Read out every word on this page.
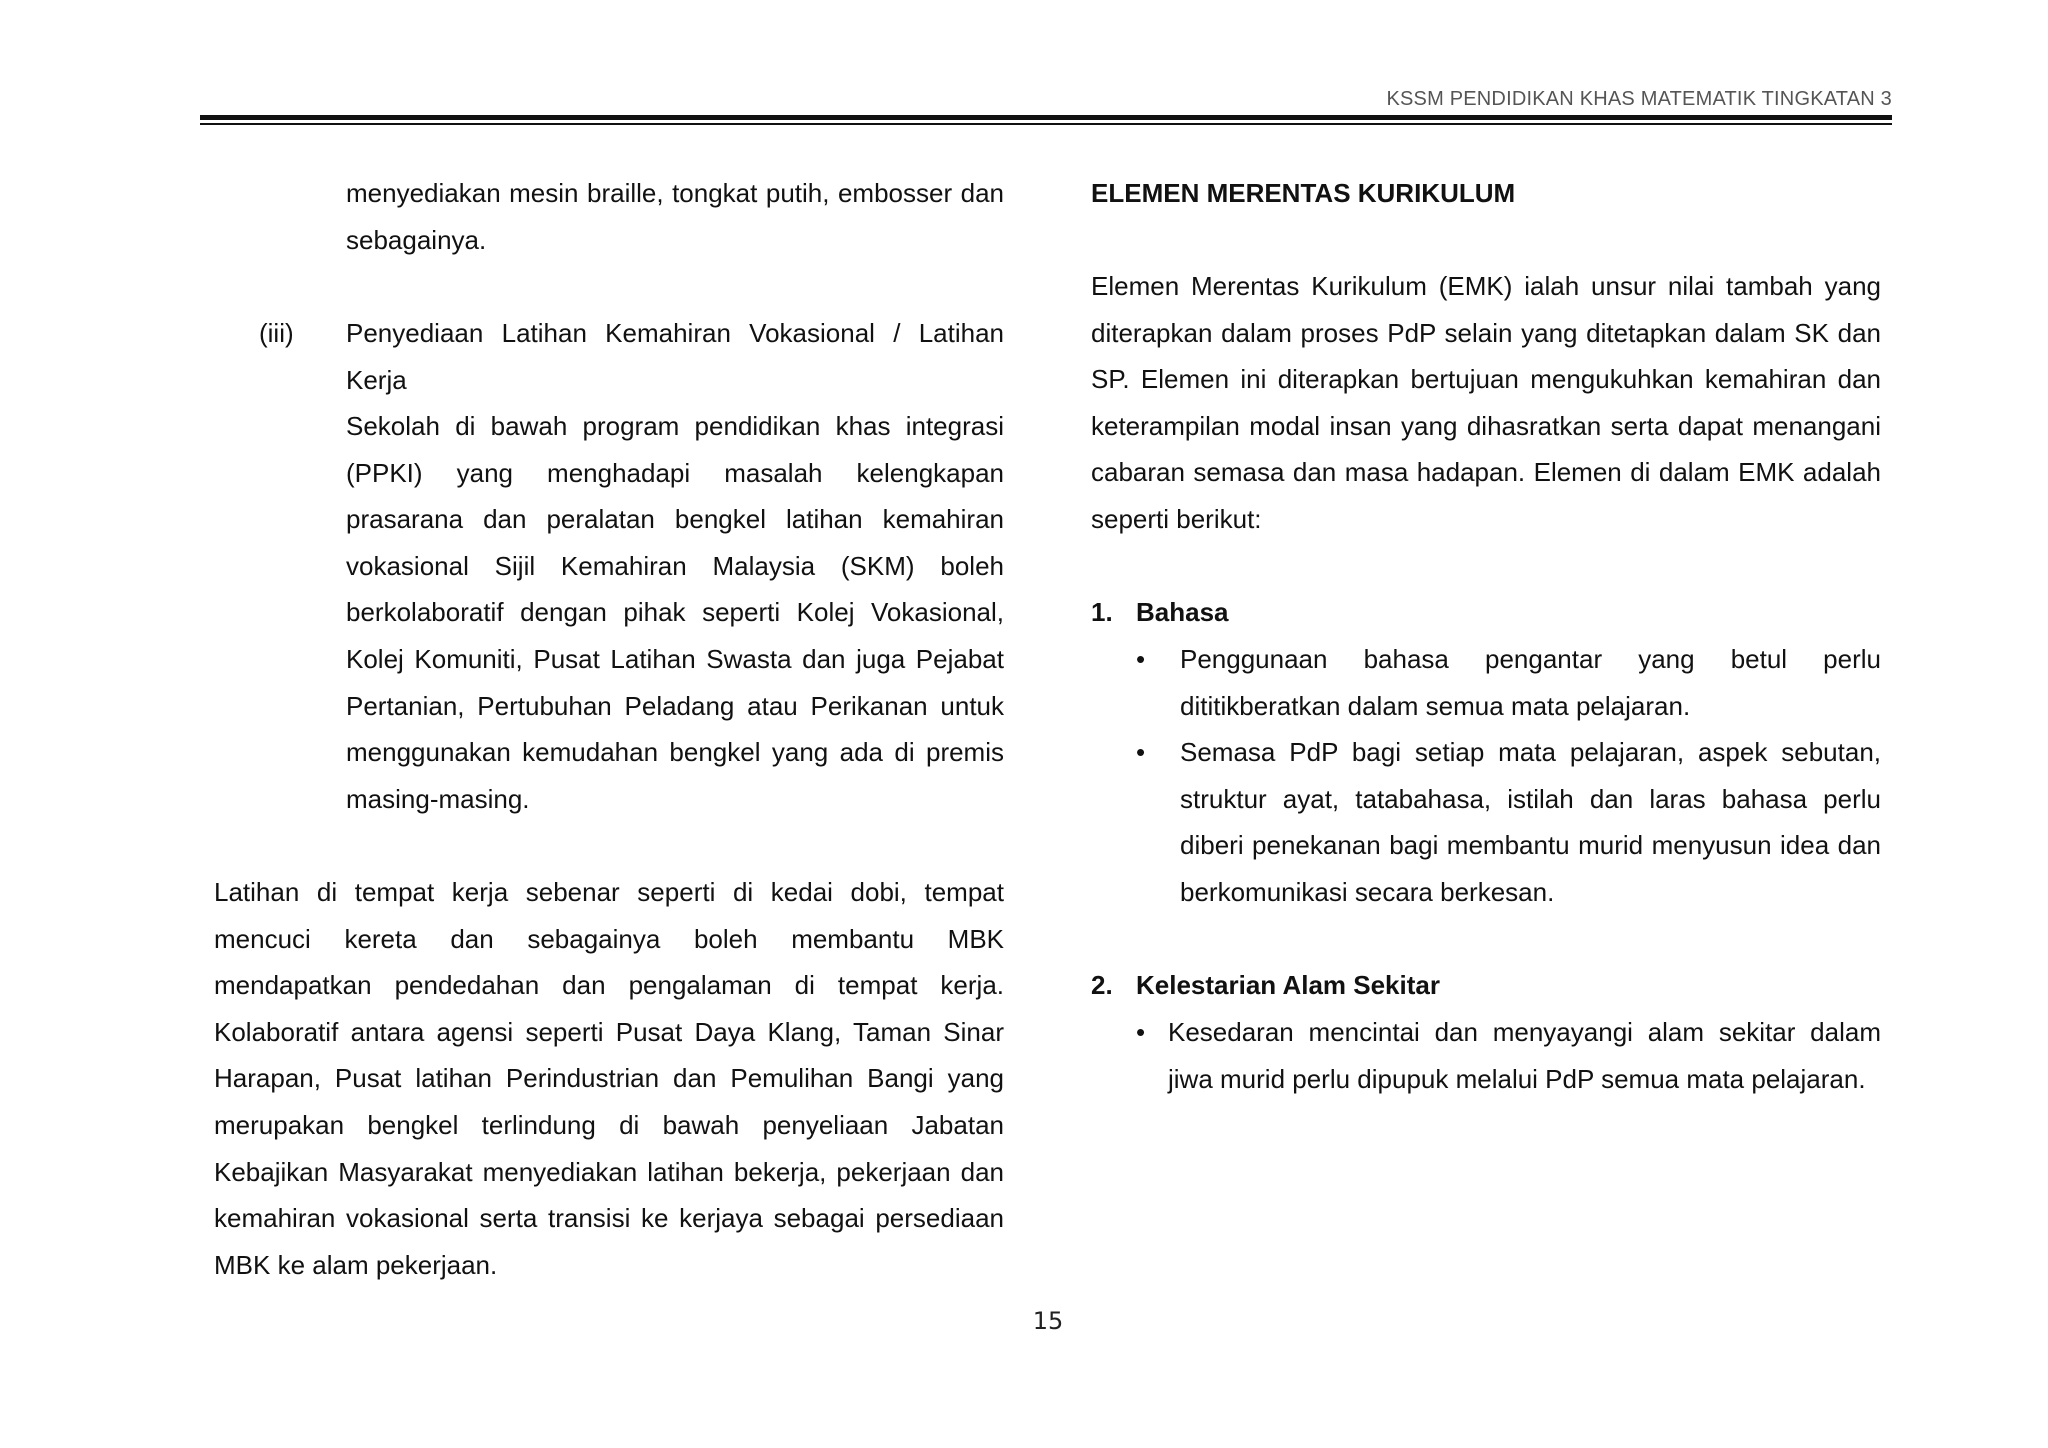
KSSM PENDIDIKAN KHAS MATEMATIK TINGKATAN 3

menyediakan mesin braille, tongkat putih, embosser dan sebagainya.

(iii) Penyediaan Latihan Kemahiran Vokasional / Latihan Kerja

Sekolah di bawah program pendidikan khas integrasi (PPKI) yang menghadapi masalah kelengkapan prasarana dan peralatan bengkel latihan kemahiran vokasional Sijil Kemahiran Malaysia (SKM) boleh berkolaboratif dengan pihak seperti Kolej Vokasional, Kolej Komuniti, Pusat Latihan Swasta dan juga Pejabat Pertanian, Pertubuhan Peladang atau Perikanan untuk menggunakan kemudahan bengkel yang ada di premis masing-masing.

Latihan di tempat kerja sebenar seperti di kedai dobi, tempat mencuci kereta dan sebagainya boleh membantu MBK mendapatkan pendedahan dan pengalaman di tempat kerja. Kolaboratif antara agensi seperti Pusat Daya Klang, Taman Sinar Harapan, Pusat latihan Perindustrian dan Pemulihan Bangi yang merupakan bengkel terlindung di bawah penyeliaan Jabatan Kebajikan Masyarakat menyediakan latihan bekerja, pekerjaan dan kemahiran vokasional serta transisi ke kerjaya sebagai persediaan MBK ke alam pekerjaan.

ELEMEN MERENTAS KURIKULUM

Elemen Merentas Kurikulum (EMK) ialah unsur nilai tambah yang diterapkan dalam proses PdP selain yang ditetapkan dalam SK dan SP. Elemen ini diterapkan bertujuan mengukuhkan kemahiran dan keterampilan modal insan yang dihasratkan serta dapat menangani cabaran semasa dan masa hadapan. Elemen di dalam EMK adalah seperti berikut:

1. Bahasa
• Penggunaan bahasa pengantar yang betul perlu dititikberatkan dalam semua mata pelajaran.

• Semasa PdP bagi setiap mata pelajaran, aspek sebutan, struktur ayat, tatabahasa, istilah dan laras bahasa perlu diberi penekanan bagi membantu murid menyusun idea dan berkomunikasi secara berkesan.

2. Kelestarian Alam Sekitar
• Kesedaran mencintai dan menyayangi alam sekitar dalam jiwa murid perlu dipupuk melalui PdP semua mata pelajaran.

15
